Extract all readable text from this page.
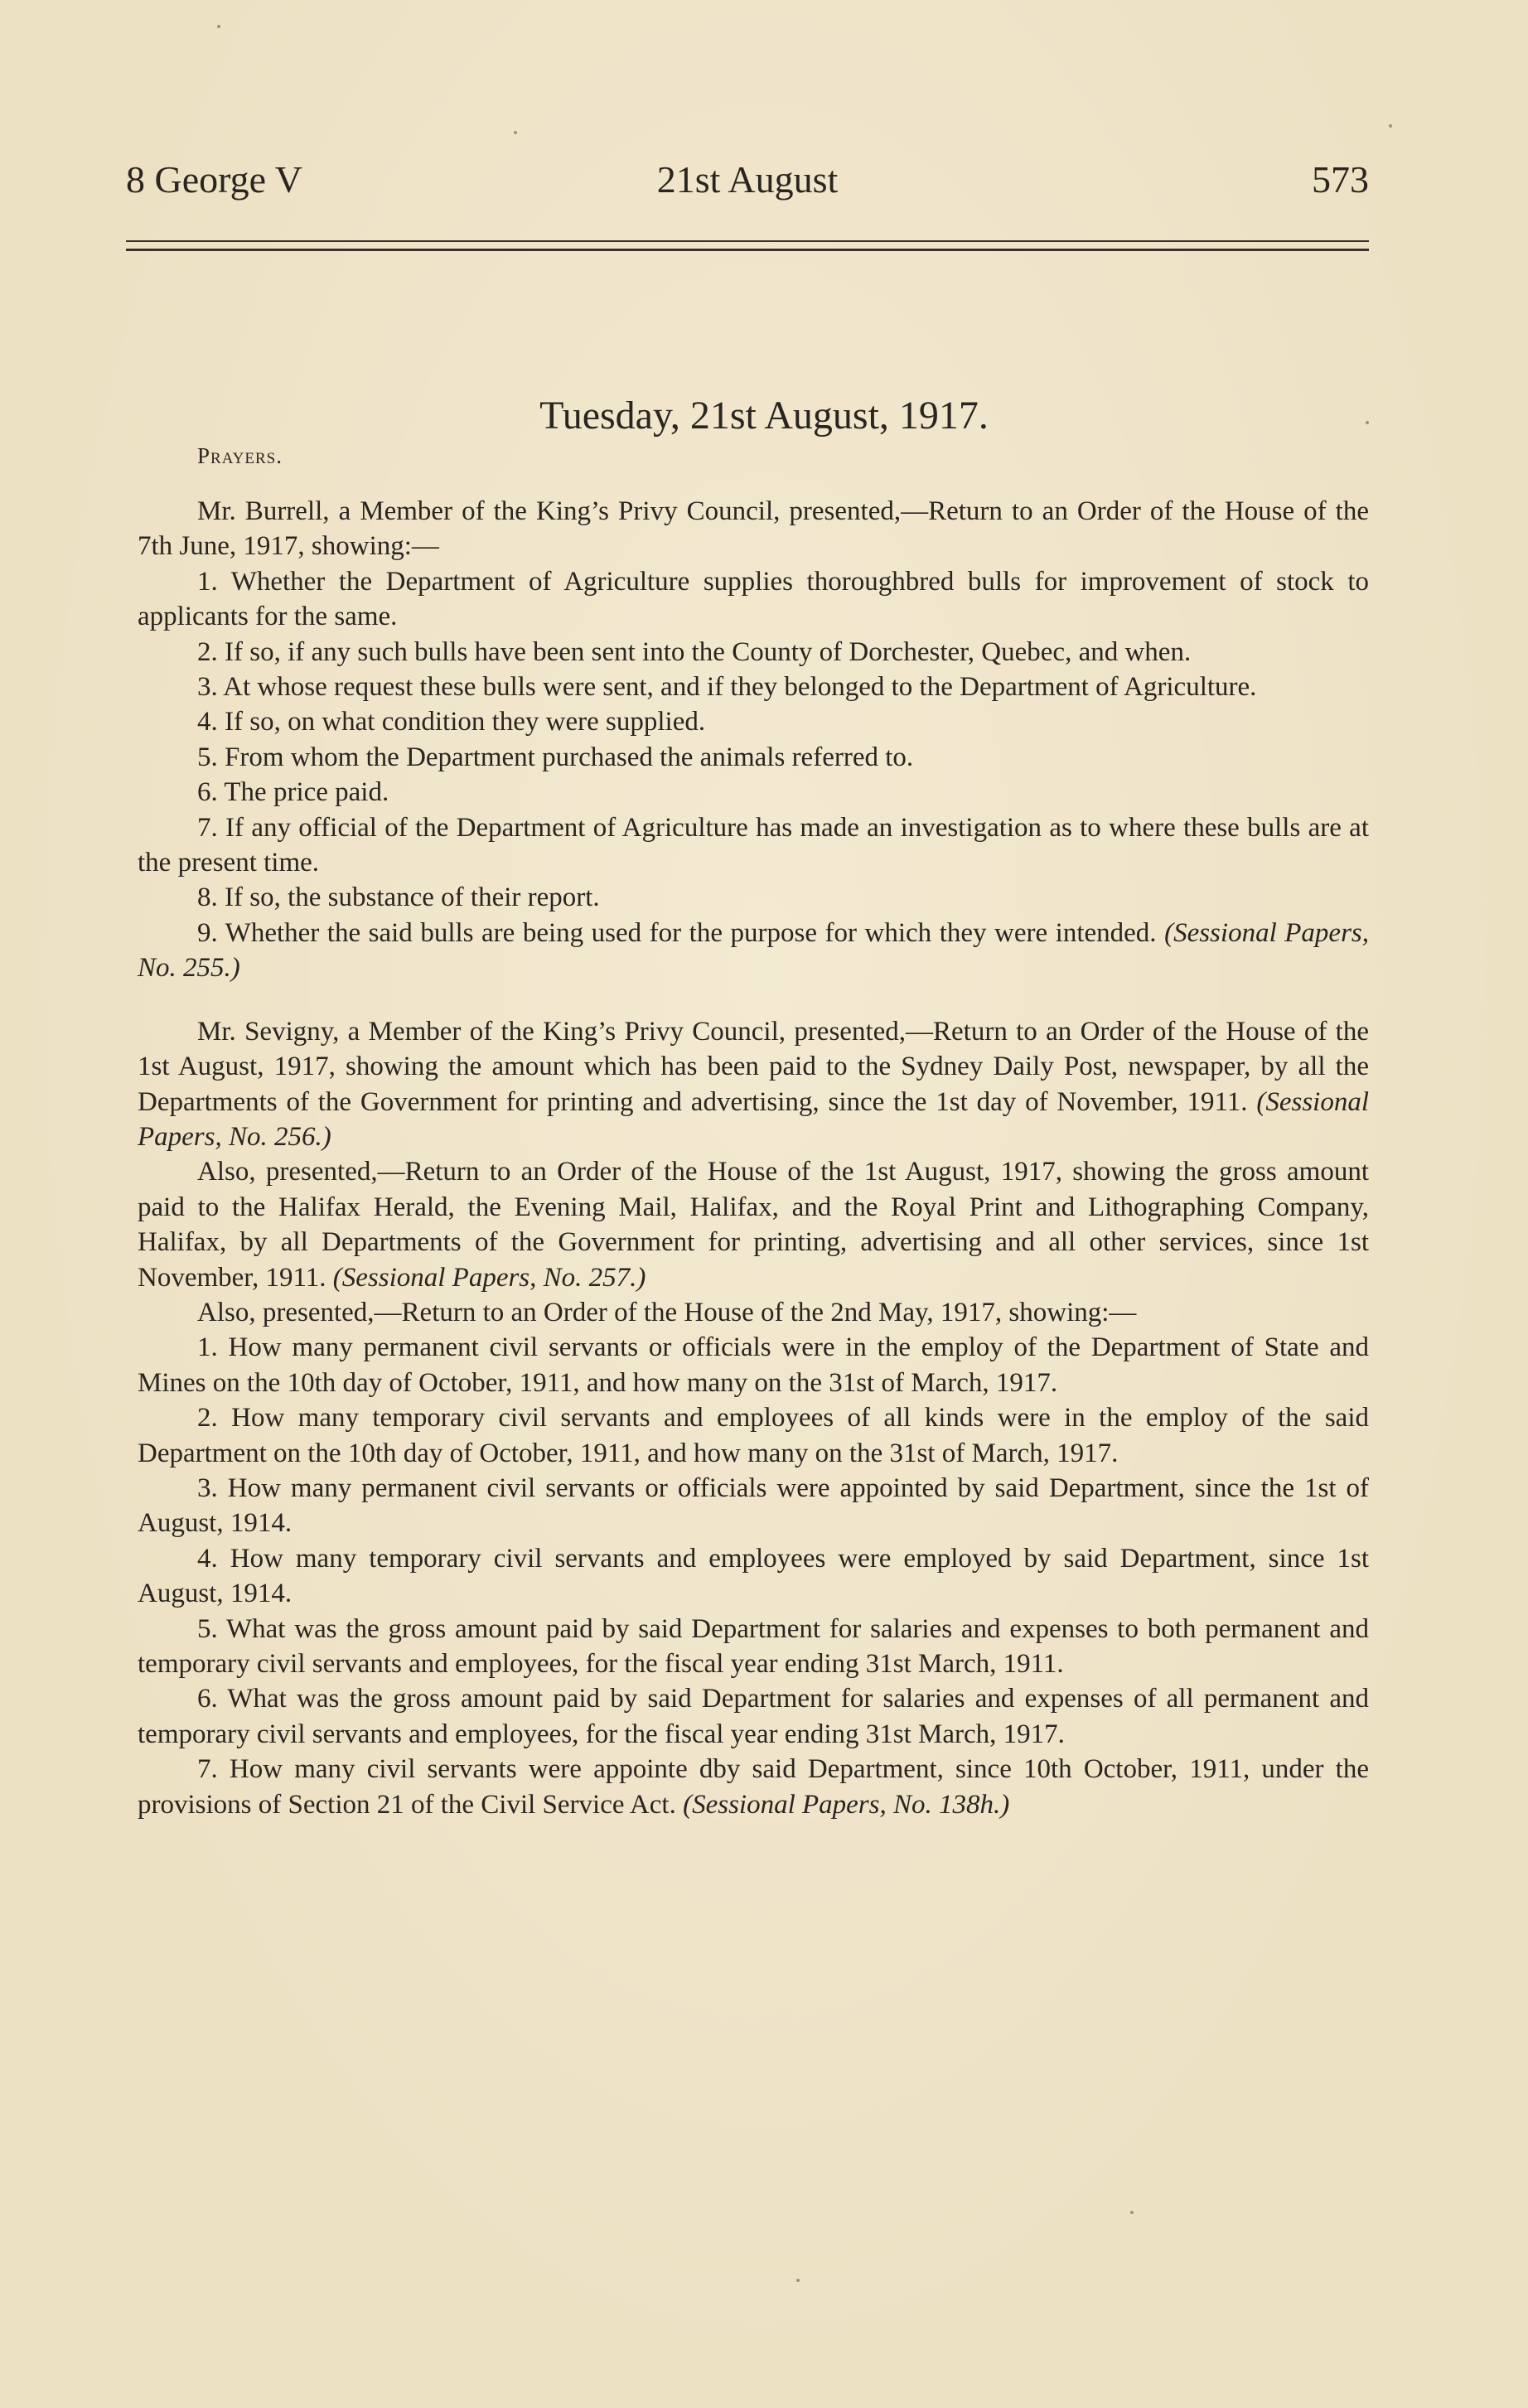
8 George V	21st August	573
Tuesday, 21st August, 1917.
Prayers.

Mr. Burrell, a Member of the King’s Privy Council, presented,—Return to an Order of the House of the 7th June, 1917, showing:—

1. Whether the Department of Agriculture supplies thoroughbred bulls for improvement of stock to applicants for the same.

2. If so, if any such bulls have been sent into the County of Dorchester, Quebec, and when.

3. At whose request these bulls were sent, and if they belonged to the Department of Agriculture.

4. If so, on what condition they were supplied.

5. From whom the Department purchased the animals referred to.

6. The price paid.

7. If any official of the Department of Agriculture has made an investigation as to where these bulls are at the present time.

8. If so, the substance of their report.

9. Whether the said bulls are being used for the purpose for which they were intended. (Sessional Papers, No. 255.)

Mr. Sevigny, a Member of the King’s Privy Council, presented,—Return to an Order of the House of the 1st August, 1917, showing the amount which has been paid to the Sydney Daily Post, newspaper, by all the Departments of the Government for printing and advertising, since the 1st day of November, 1911. (Sessional Papers, No. 256.)

Also, presented,—Return to an Order of the House of the 1st August, 1917, showing the gross amount paid to the Halifax Herald, the Evening Mail, Halifax, and the Royal Print and Lithographing Company, Halifax, by all Departments of the Government for printing, advertising and all other services, since 1st November, 1911. (Sessional Papers, No. 257.)

Also, presented,—Return to an Order of the House of the 2nd May, 1917, showing:—

1. How many permanent civil servants or officials were in the employ of the Department of State and Mines on the 10th day of October, 1911, and how many on the 31st of March, 1917.

2. How many temporary civil servants and employees of all kinds were in the employ of the said Department on the 10th day of October, 1911, and how many on the 31st of March, 1917.

3. How many permanent civil servants or officials were appointed by said Department, since the 1st of August, 1914.

4. How many temporary civil servants and employees were employed by said Department, since 1st August, 1914.

5. What was the gross amount paid by said Department for salaries and expenses to both permanent and temporary civil servants and employees, for the fiscal year ending 31st March, 1911.

6. What was the gross amount paid by said Department for salaries and expenses of all permanent and temporary civil servants and employees, for the fiscal year ending 31st March, 1917.

7. How many civil servants were appointe dby said Department, since 10th October, 1911, under the provisions of Section 21 of the Civil Service Act. (Sessional Papers, No. 138h.)
